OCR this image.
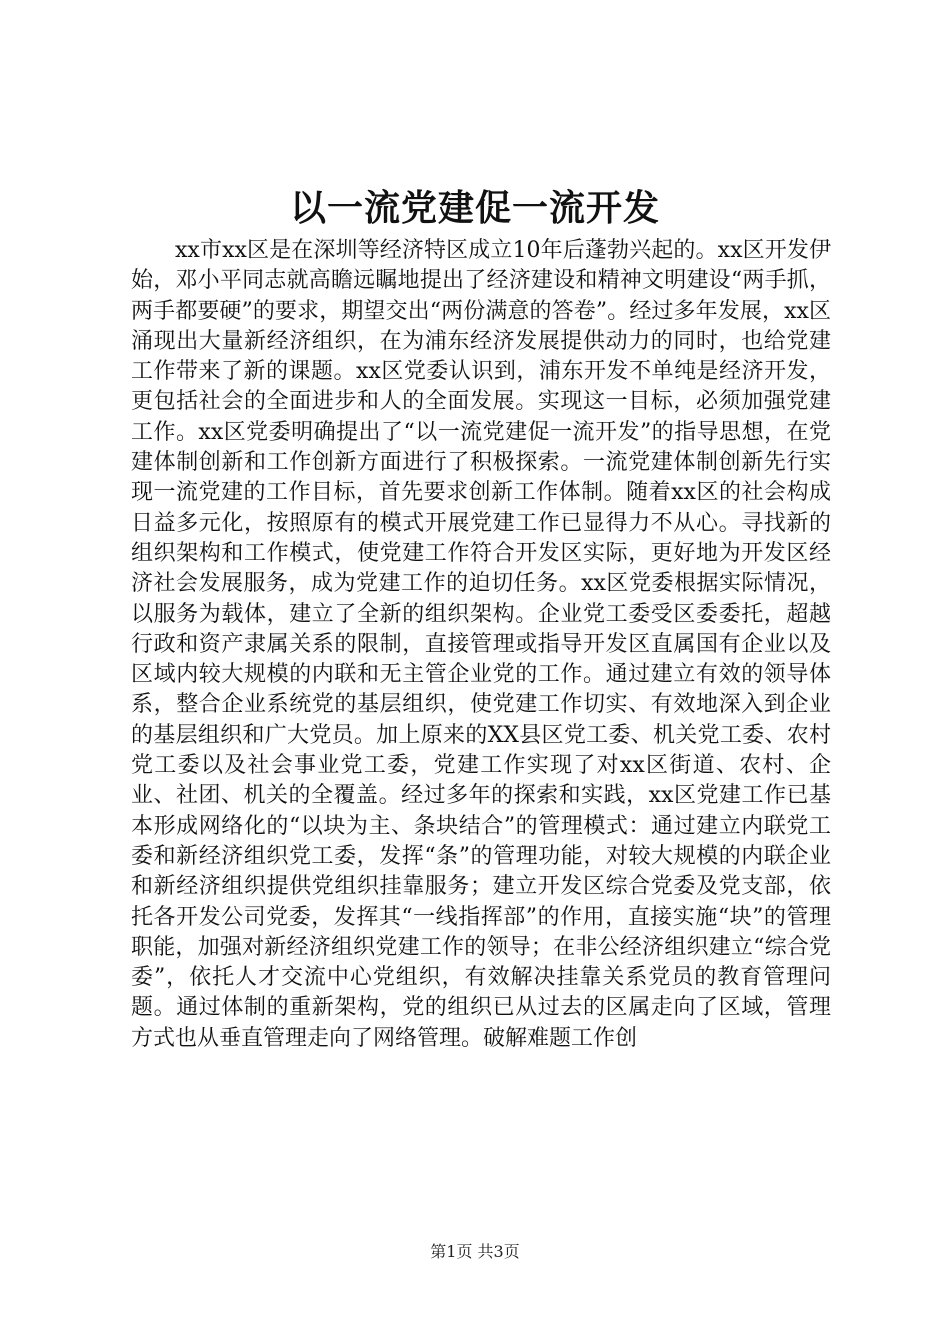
以一流党建促一流开发

xx市xx区是在深圳等经济特区成立10年后蓬勃兴起的。xx区开发伊始，邓小平同志就高瞻远瞩地提出了经济建设和精神文明建设“两手抓，两手都要硬”的要求，期望交出“两份满意的答卷”。经过多年发展，xx区涌现出大量新经济组织，在为浦东经济发展提供动力的同时，也给党建工作带来了新的课题。xx区党委认识到，浦东开发不单纯是经济开发，更包括社会的全面进步和人的全面发展。实现这一目标，必须加强党建工作。xx区党委明确提出了“以一流党建促一流开发”的指导思想，在党建体制创新和工作创新方面进行了积极探索。一流党建体制创新先行实现一流党建的工作目标，首先要求创新工作体制。随着xx区的社会构成日益多元化，按照原有的模式开展党建工作已显得力不从心。寻找新的组织架构和工作模式，使党建工作符合开发区实际，更好地为开发区经济社会发展服务，成为党建工作的迫切任务。xx区党委根据实际情况，以服务为载体，建立了全新的组织架构。企业党工委受区委委托，超越行政和资产隶属关系的限制，直接管理或指导开发区直属国有企业以及区域内较大规模的内联和无主管企业党的工作。通过建立有效的领导体系，整合企业系统党的基层组织，使党建工作切实、有效地深入到企业的基层组织和广大党员。加上原来的XX县区党工委、机关党工委、农村党工委以及社会事业党工委，党建工作实现了对xx区街道、农村、企业、社团、机关的全覆盖。经过多年的探索和实践，xx区党建工作已基本形成网络化的“以块为主、条块结合”的管理模式：通过建立内联党工委和新经济组织党工委，发挥“条”的管理功能，对较大规模的内联企业和新经济组织提供党组织挂靠服务；建立开发区综合党委及党支部，依托各开发公司党委，发挥其“一线指挥部”的作用，直接实施“块”的管理职能，加强对新经济组织党建工作的领导；在非公经济组织建立“综合党委”，依托人才交流中心党组织，有效解决挂靠关系党员的教育管理问题。通过体制的重新架构，党的组织已从过去的区属走向了区域，管理方式也从垂直管理走向了网络管理。破解难题工作创

第1页 共3页
